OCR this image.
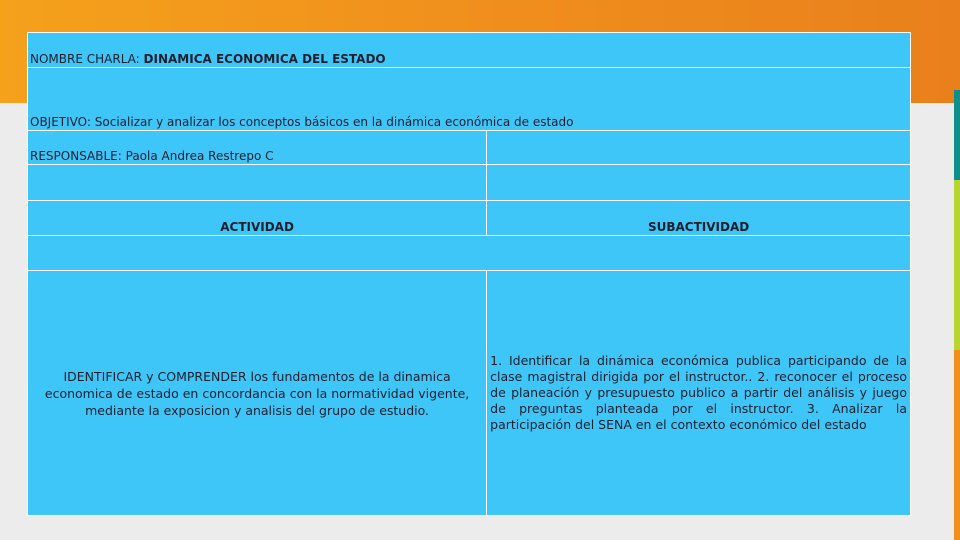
NOMBRE CHARLA: DINAMICA ECONOMICA DEL ESTADO	
OBJETIVO: Socializar y analizar los conceptos básicos en la dinámica económica de estado	
RESPONSABLE: Paola Andrea Restrepo C	

ACTIVIDAD	SUBACTIVIDAD

IDENTIFICAR y COMPRENDER los fundamentos de la dinamica economica de estado en concordancia con la normatividad vigente, mediante la exposicion y analisis del grupo de estudio.	1. Identificar la dinámica económica publica participando de la clase magistral dirigida por el instructor.. 2. reconocer el proceso de planeación y presupuesto publico a partir del análisis y juego de preguntas planteada por el instructor. 3. Analizar la participación del SENA en el contexto económico del estado
